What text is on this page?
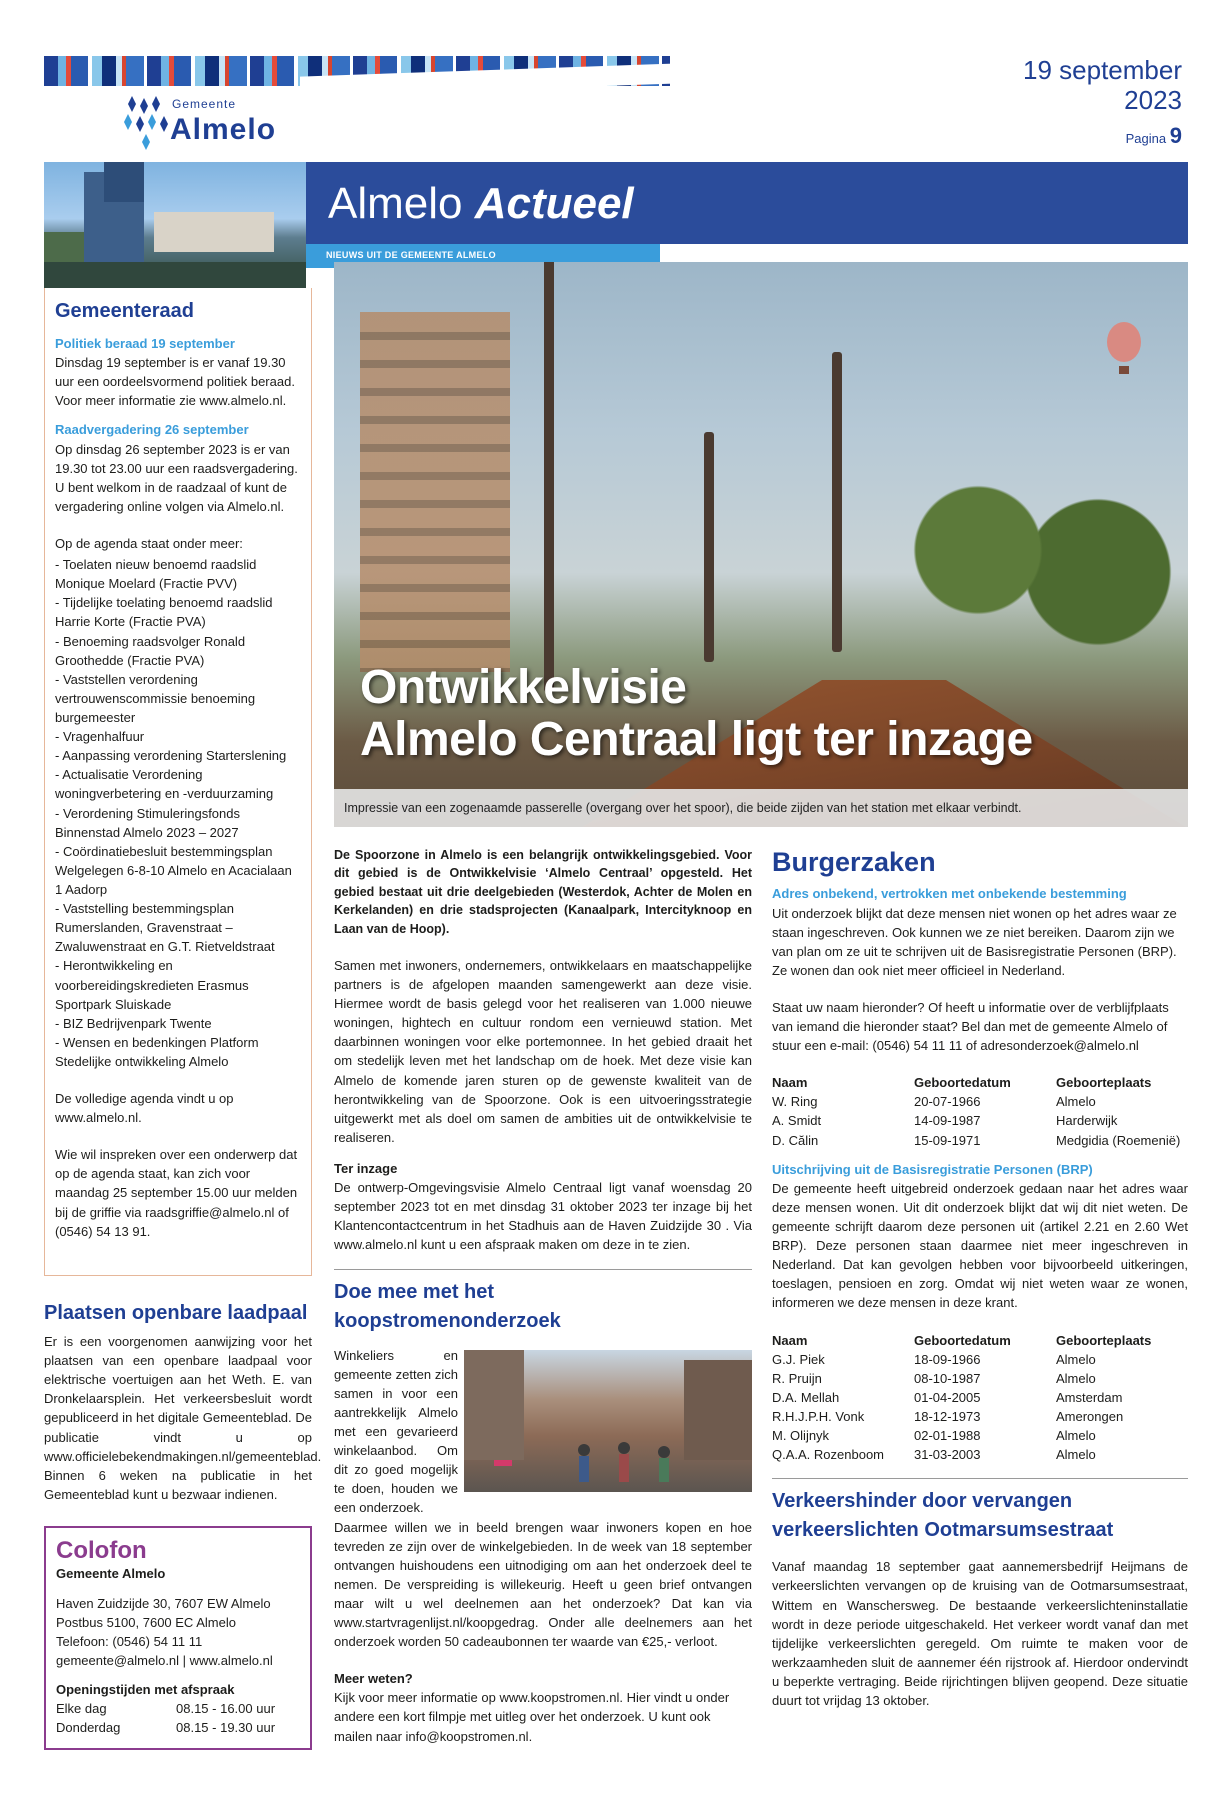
Gemeente
Almelo
19 september
2023
Pagina 9
Almelo Actueel
NIEUWS UIT DE GEMEENTE ALMELO
Gemeenteraad
Politiek beraad 19 september
Dinsdag 19 september is er vanaf 19.30 uur een oordeelsvormend politiek beraad. Voor meer informatie zie www.almelo.nl.
Raadvergadering 26 september
Op dinsdag 26 september 2023 is er van 19.30 tot 23.00 uur een raadsvergadering. U bent welkom in de raadzaal of kunt de vergadering online volgen via Almelo.nl.
Op de agenda staat onder meer:
- Toelaten nieuw benoemd raadslid Monique Moelard (Fractie PVV)
- Tijdelijke toelating benoemd raadslid Harrie Korte (Fractie PVA)
- Benoeming raadsvolger Ronald Groothedde (Fractie PVA)
- Vaststellen verordening vertrouwenscommissie benoeming burgemeester
- Vragenhalfuur
- Aanpassing verordening Starterslening
- Actualisatie Verordening woningverbetering en -verduurzaming
- Verordening Stimuleringsfonds Binnenstad Almelo 2023 – 2027
- Coördinatiebesluit bestemmingsplan Welgelegen 6-8-10 Almelo en Acacialaan 1 Aadorp
- Vaststelling bestemmingsplan Rumerslanden, Gravenstraat – Zwaluwenstraat en G.T. Rietveldstraat
- Herontwikkeling en voorbereidingskredieten Erasmus Sportpark Sluiskade
- BIZ Bedrijvenpark Twente
- Wensen en bedenkingen Platform Stedelijke ontwikkeling Almelo
De volledige agenda vindt u op www.almelo.nl.
Wie wil inspreken over een onderwerp dat op de agenda staat, kan zich voor maandag 25 september 15.00 uur melden bij de griffie via raadsgriffie@almelo.nl of (0546) 54 13 91.
Plaatsen openbare laadpaal
Er is een voorgenomen aanwijzing voor het plaatsen van een openbare laadpaal voor elektrische voertuigen aan het Weth. E. van Dronkelaarsplein. Het verkeersbesluit wordt gepubliceerd in het digitale Gemeenteblad. De publicatie vindt u op www.officielebekendmakingen.nl/gemeenteblad. Binnen 6 weken na publicatie in het Gemeenteblad kunt u bezwaar indienen.
Colofon
Gemeente Almelo
Haven Zuidzijde 30, 7607 EW Almelo
Postbus 5100, 7600 EC Almelo
Telefoon: (0546) 54 11 11
gemeente@almelo.nl | www.almelo.nl
Openingstijden met afspraak
Elke dag	08.15 - 16.00 uur
Donderdag	08.15 - 19.30 uur
Ontwikkelvisie
Almelo Centraal ligt ter inzage
Impressie van een zogenaamde passerelle (overgang over het spoor), die beide zijden van het station met elkaar verbindt.
De Spoorzone in Almelo is een belangrijk ontwikkelingsgebied. Voor dit gebied is de Ontwikkelvisie ‘Almelo Centraal’ opgesteld. Het gebied bestaat uit drie deelgebieden (Westerdok, Achter de Molen en Kerkelanden) en drie stadsprojecten (Kanaalpark, Intercityknoop en Laan van de Hoop).
Samen met inwoners, ondernemers, ontwikkelaars en maatschappelijke partners is de afgelopen maanden samengewerkt aan deze visie. Hiermee wordt de basis gelegd voor het realiseren van 1.000 nieuwe woningen, hightech en cultuur rondom een vernieuwd station. Met daarbinnen woningen voor elke portemonnee. In het gebied draait het om stedelijk leven met het landschap om de hoek. Met deze visie kan Almelo de komende jaren sturen op de gewenste kwaliteit van de herontwikkeling van de Spoorzone. Ook is een uitvoeringsstrategie uitgewerkt met als doel om samen de ambities uit de ontwikkelvisie te realiseren.
Ter inzage
De ontwerp-Omgevingsvisie Almelo Centraal ligt vanaf woensdag 20 september 2023 tot en met dinsdag 31 oktober 2023 ter inzage bij het Klantencontactcentrum in het Stadhuis aan de Haven Zuidzijde 30 . Via www.almelo.nl kunt u een afspraak maken om deze in te zien.
Doe mee met het
koopstromenonderzoek
Winkeliers en gemeente zetten zich samen in voor een aantrekkelijk Almelo met een gevarieerd winkelaanbod. Om dit zo goed mogelijk te doen, houden we een onderzoek.
Daarmee willen we in beeld brengen waar inwoners kopen en hoe tevreden ze zijn over de winkelgebieden. In de week van 18 september ontvangen huishoudens een uitnodiging om aan het onderzoek deel te nemen. De verspreiding is willekeurig. Heeft u geen brief ontvangen maar wilt u wel deelnemen aan het onderzoek? Dat kan via www.startvragenlijst.nl/koopgedrag. Onder alle deelnemers aan het onderzoek worden 50 cadeaubonnen ter waarde van €25,- verloot.
Meer weten?
Kijk voor meer informatie op www.koopstromen.nl. Hier vindt u onder andere een kort filmpje met uitleg over het onderzoek. U kunt ook mailen naar info@koopstromen.nl.
Burgerzaken
Adres onbekend, vertrokken met onbekende bestemming
Uit onderzoek blijkt dat deze mensen niet wonen op het adres waar ze staan ingeschreven. Ook kunnen we ze niet bereiken. Daarom zijn we van plan om ze uit te schrijven uit de Basisregistratie Personen (BRP). Ze wonen dan ook niet meer officieel in Nederland.
Staat uw naam hieronder? Of heeft u informatie over de verblijfplaats van iemand die hieronder staat? Bel dan met de gemeente Almelo of stuur een e-mail: (0546) 54 11 11 of adresonderzoek@almelo.nl
Naam	Geboortedatum	Geboorteplaats
W. Ring	20-07-1966	Almelo
A. Smidt	14-09-1987	Harderwijk
D. Călin	15-09-1971	Medgidia (Roemenië)
Uitschrijving uit de Basisregistratie Personen (BRP)
De gemeente heeft uitgebreid onderzoek gedaan naar het adres waar deze mensen wonen. Uit dit onderzoek blijkt dat wij dit niet weten. De gemeente schrijft daarom deze personen uit (artikel 2.21 en 2.60 Wet BRP). Deze personen staan daarmee niet meer ingeschreven in Nederland. Dat kan gevolgen hebben voor bijvoorbeeld uitkeringen, toeslagen, pensioen en zorg. Omdat wij niet weten waar ze wonen, informeren we deze mensen in deze krant.
Naam	Geboortedatum	Geboorteplaats
G.J. Piek	18-09-1966	Almelo
R. Pruijn	08-10-1987	Almelo
D.A. Mellah	01-04-2005	Amsterdam
R.H.J.P.H. Vonk	18-12-1973	Amerongen
M. Olijnyk	02-01-1988	Almelo
Q.A.A. Rozenboom	31-03-2003	Almelo
Verkeershinder door vervangen
verkeerslichten Ootmarsumsestraat
Vanaf maandag 18 september gaat aannemersbedrijf Heijmans de verkeerslichten vervangen op de kruising van de Ootmarsumsestraat, Wittem en Wanschersweg. De bestaande verkeerslichteninstallatie wordt in deze periode uitgeschakeld. Het verkeer wordt vanaf dan met tijdelijke verkeerslichten geregeld. Om ruimte te maken voor de werkzaamheden sluit de aannemer één rijstrook af. Hierdoor ondervindt u beperkte vertraging. Beide rijrichtingen blijven geopend. Deze situatie duurt tot vrijdag 13 oktober.
